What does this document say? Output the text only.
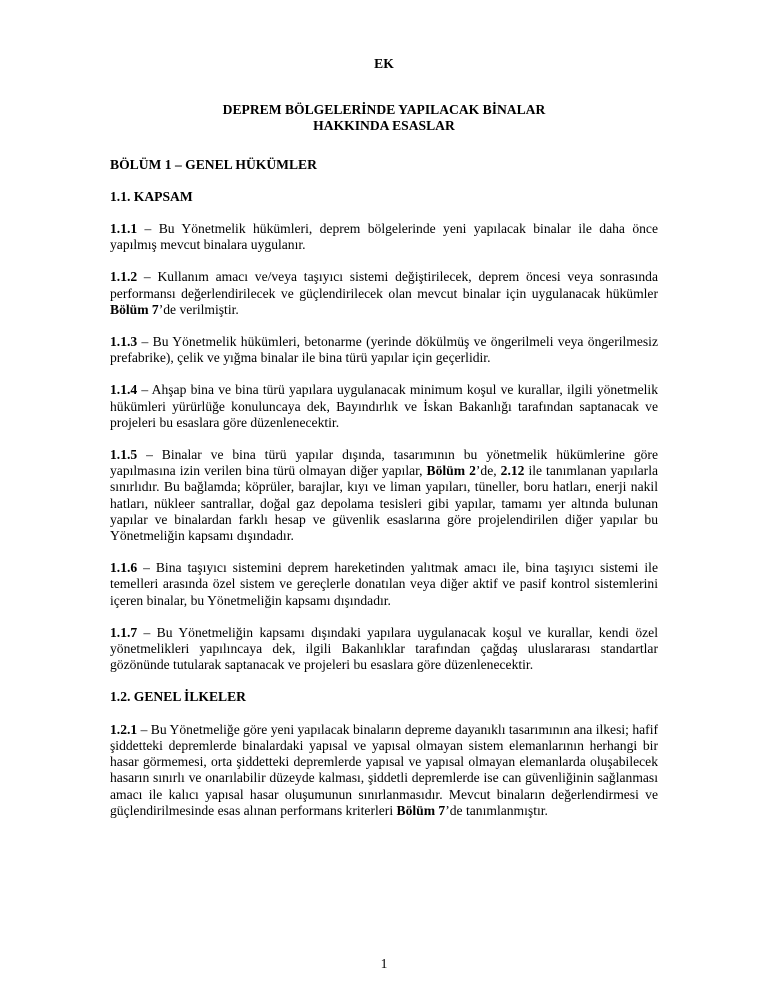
EK

DEPREM BÖLGELERİNDE YAPILACAK BİNALAR
HAKKINDA ESASLAR

BÖLÜM 1 – GENEL HÜKÜMLER

1.1. KAPSAM

1.1.1 – Bu Yönetmelik hükümleri, deprem bölgelerinde yeni yapılacak binalar ile daha önce yapılmış mevcut binalara uygulanır.

1.1.2 – Kullanım amacı ve/veya taşıyıcı sistemi değiştirilecek, deprem öncesi veya sonrasında performansı değerlendirilecek ve güçlendirilecek olan mevcut binalar için uygulanacak hükümler Bölüm 7’de verilmiştir.

1.1.3 – Bu Yönetmelik hükümleri, betonarme (yerinde dökülmüş ve öngerilmeli veya öngerilmesiz prefabrike), çelik ve yığma binalar ile bina türü yapılar için geçerlidir.

1.1.4 – Ahşap bina ve bina türü yapılara uygulanacak minimum koşul ve kurallar, ilgili yönetmelik hükümleri yürürlüğe konuluncaya dek, Bayındırlık ve İskan Bakanlığı tarafından saptanacak ve projeleri bu esaslara göre düzenlenecektir.

1.1.5 – Binalar ve bina türü yapılar dışında, tasarımının bu yönetmelik hükümlerine göre yapılmasına izin verilen bina türü olmayan diğer yapılar, Bölüm 2’de, 2.12 ile tanımlanan yapılarla sınırlıdır. Bu bağlamda; köprüler, barajlar, kıyı ve liman yapıları, tüneller, boru hatları, enerji nakil hatları, nükleer santrallar, doğal gaz depolama tesisleri gibi yapılar, tamamı yer altında bulunan yapılar ve binalardan farklı hesap ve güvenlik esaslarına göre projelendirilen diğer yapılar bu Yönetmeliğin kapsamı dışındadır.

1.1.6 – Bina taşıyıcı sistemini deprem hareketinden yalıtmak amacı ile, bina taşıyıcı sistemi ile temelleri arasında özel sistem ve gereçlerle donatılan veya diğer aktif ve pasif kontrol sistemlerini içeren binalar, bu Yönetmeliğin kapsamı dışındadır.

1.1.7 – Bu Yönetmeliğin kapsamı dışındaki yapılara uygulanacak koşul ve kurallar, kendi özel yönetmelikleri yapılıncaya dek, ilgili Bakanlıklar tarafından çağdaş uluslararası standartlar gözönünde tutularak saptanacak ve projeleri bu esaslara göre düzenlenecektir.

1.2. GENEL İLKELER

1.2.1 – Bu Yönetmeliğe göre yeni yapılacak binaların depreme dayanıklı tasarımının ana ilkesi; hafif şiddetteki depremlerde binalardaki yapısal ve yapısal olmayan sistem elemanlarının herhangi bir hasar görmemesi, orta şiddetteki depremlerde yapısal ve yapısal olmayan elemanlarda oluşabilecek hasarın sınırlı ve onarılabilir düzeyde kalması, şiddetli depremlerde ise can güvenliğinin sağlanması amacı ile kalıcı yapısal hasar oluşumunun sınırlanmasıdır. Mevcut binaların değerlendirmesi ve güçlendirilmesinde esas alınan performans kriterleri Bölüm 7’de tanımlanmıştır.

1
